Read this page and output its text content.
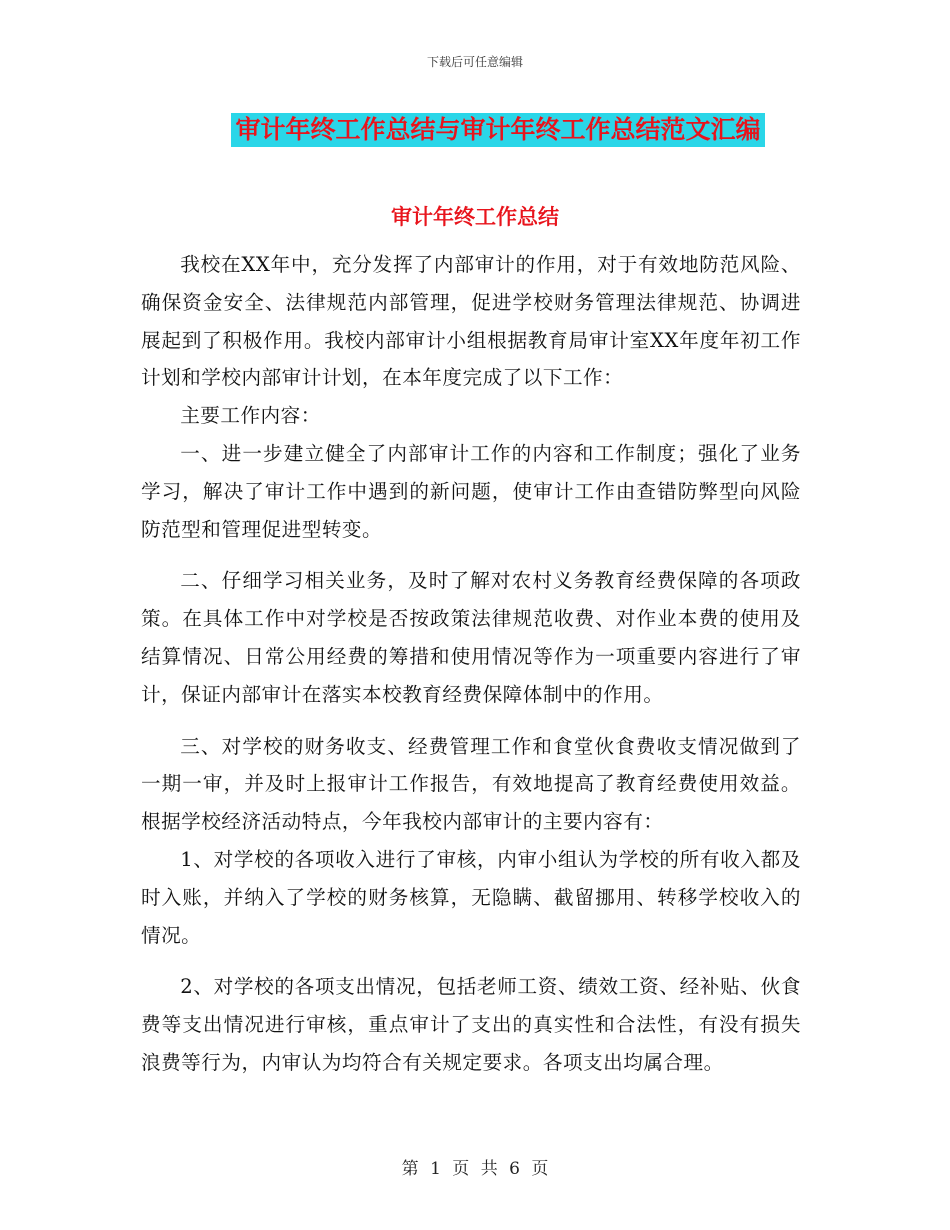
下载后可任意编辑
审计年终工作总结与审计年终工作总结范文汇编
审计年终工作总结

我校在XX年中，充分发挥了内部审计的作用，对于有效地防范风险、确保资金安全、法律规范内部管理，促进学校财务管理法律规范、协调进展起到了积极作用。我校内部审计小组根据教育局审计室XX年度年初工作计划和学校内部审计计划，在本年度完成了以下工作：

主要工作内容：

一、进一步建立健全了内部审计工作的内容和工作制度；强化了业务学习，解决了审计工作中遇到的新问题，使审计工作由查错防弊型向风险防范型和管理促进型转变。

二、仔细学习相关业务，及时了解对农村义务教育经费保障的各项政策。在具体工作中对学校是否按政策法律规范收费、对作业本费的使用及结算情况、日常公用经费的筹措和使用情况等作为一项重要内容进行了审计，保证内部审计在落实本校教育经费保障体制中的作用。

三、对学校的财务收支、经费管理工作和食堂伙食费收支情况做到了一期一审，并及时上报审计工作报告，有效地提高了教育经费使用效益。根据学校经济活动特点，今年我校内部审计的主要内容有：

1、对学校的各项收入进行了审核，内审小组认为学校的所有收入都及时入账，并纳入了学校的财务核算，无隐瞒、截留挪用、转移学校收入的情况。

2、对学校的各项支出情况，包括老师工资、绩效工资、经补贴、伙食费等支出情况进行审核，重点审计了支出的真实性和合法性，有没有损失浪费等行为，内审认为均符合有关规定要求。各项支出均属合理。

第 1 页 共 6 页
